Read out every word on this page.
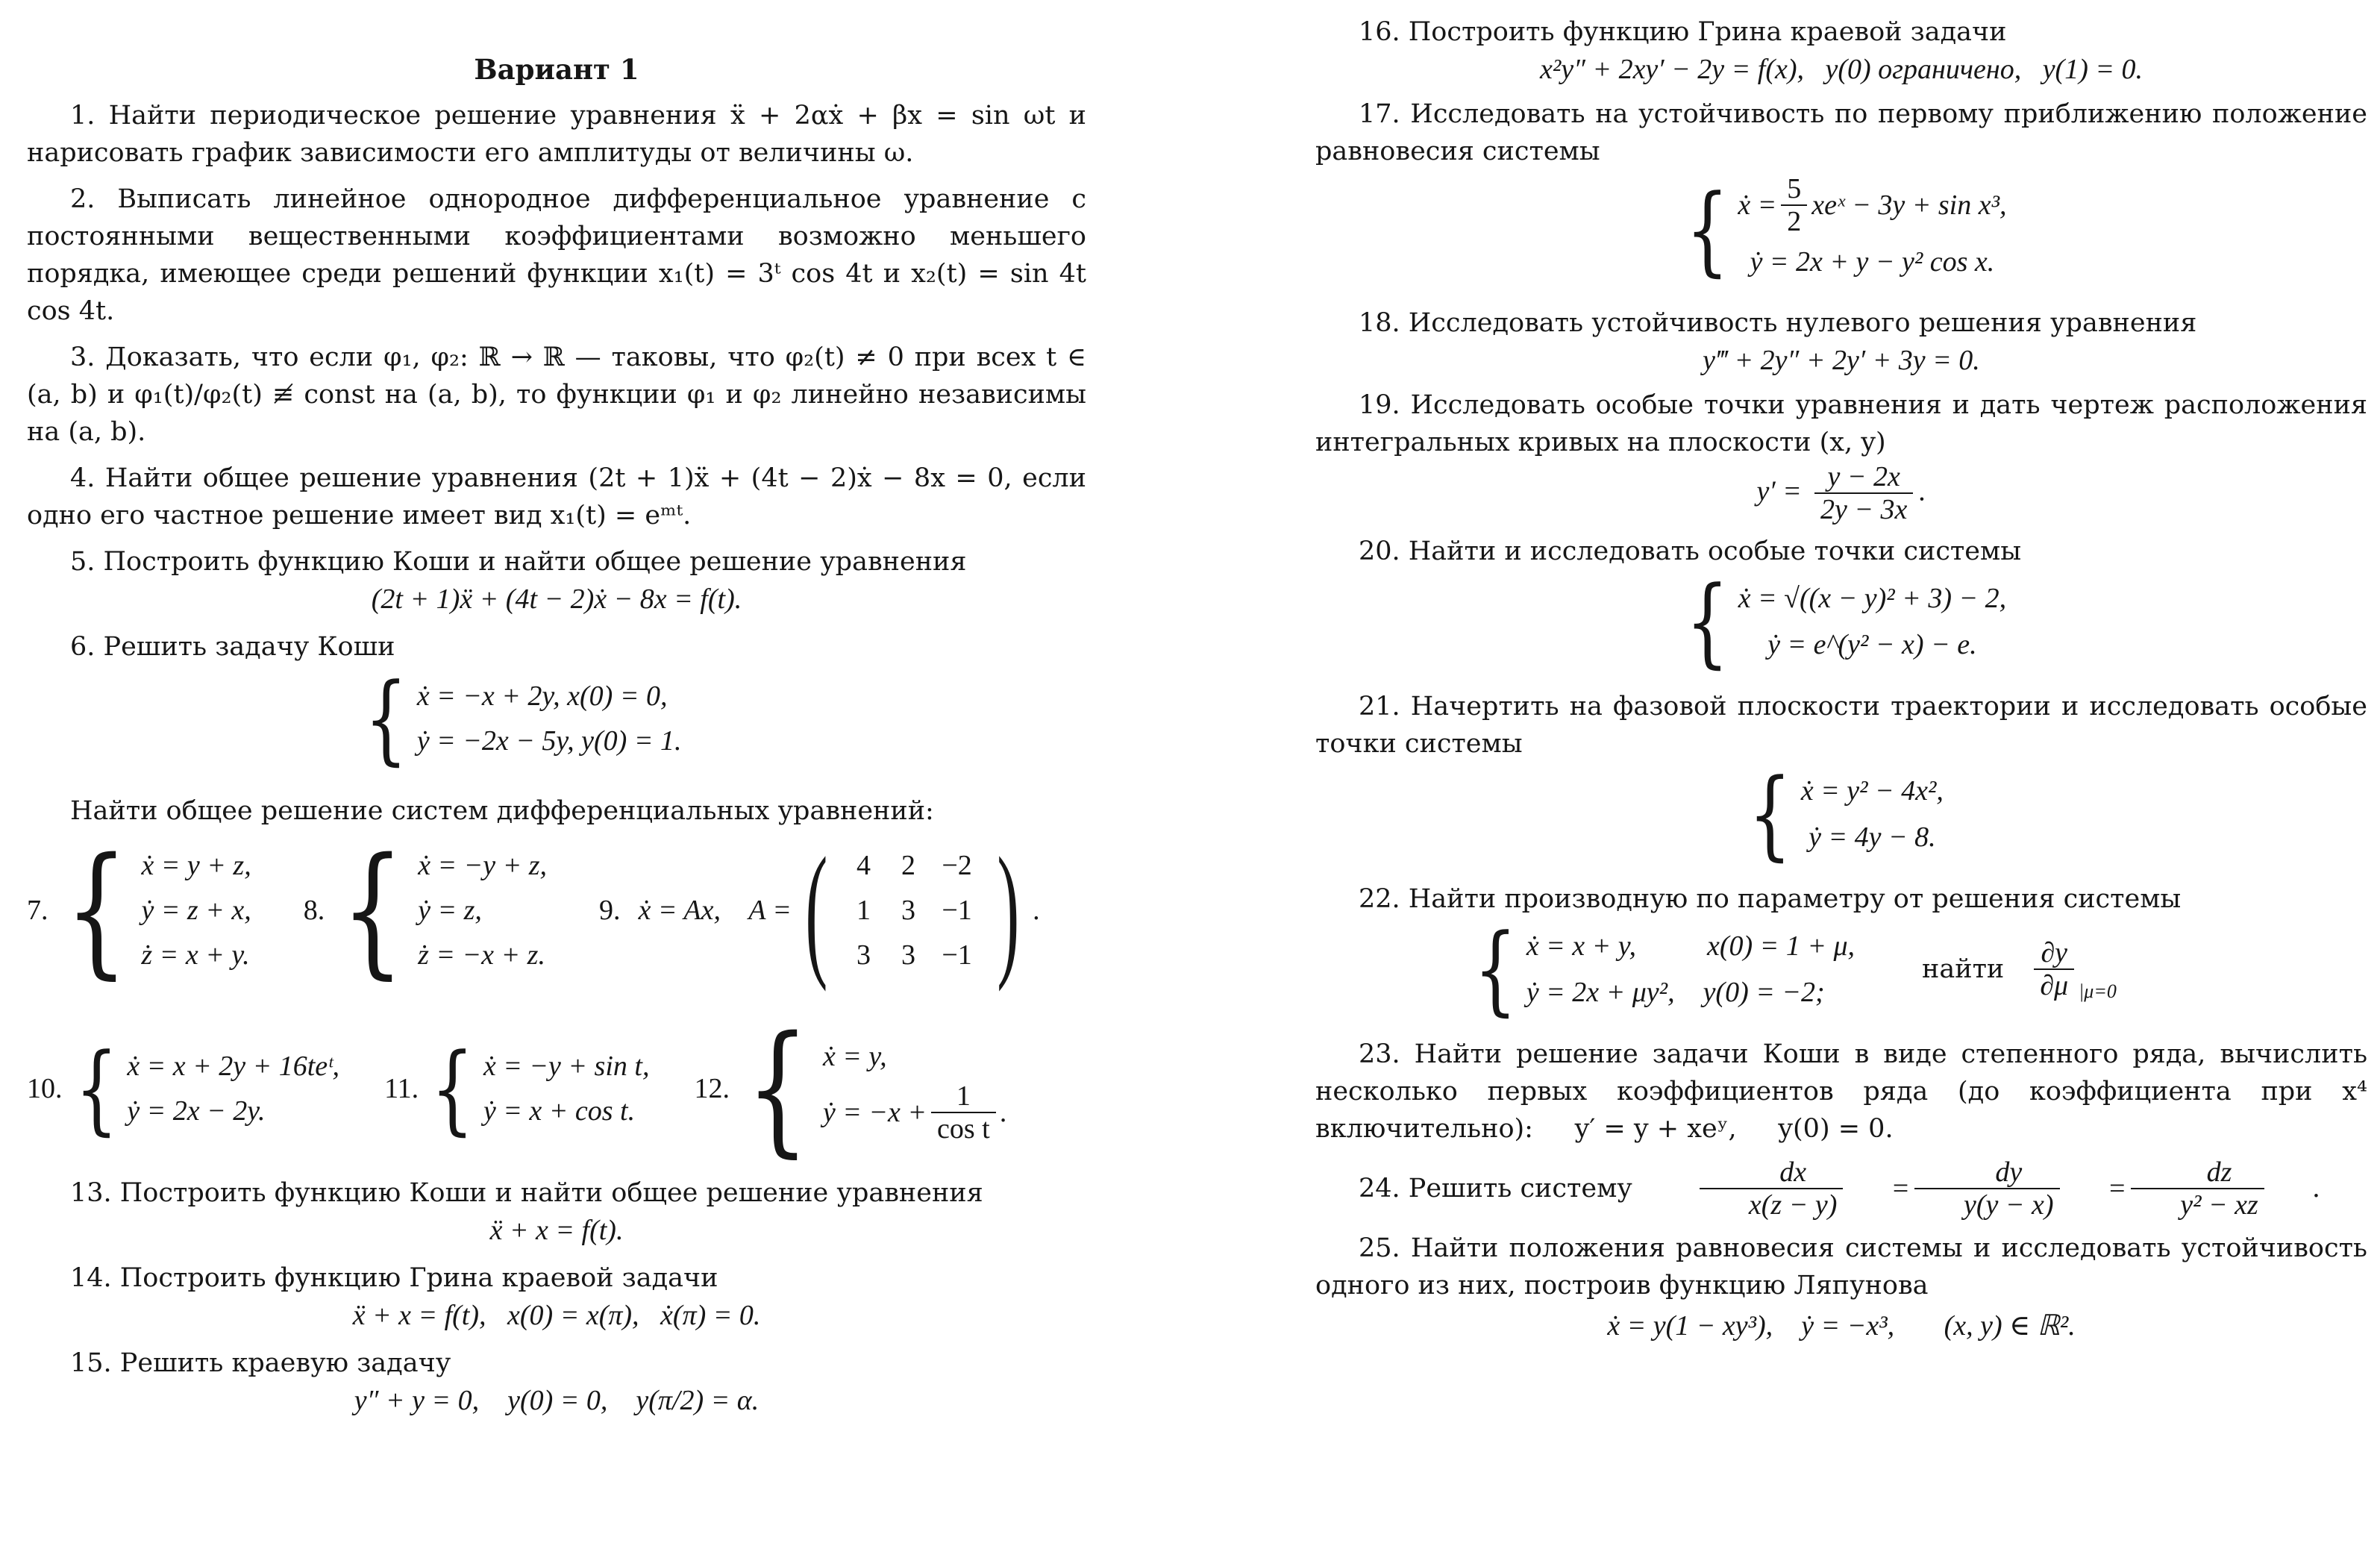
Вариант 1
1. Найти периодическое решение уравнения ẍ + 2αẋ + βx = sin ωt и нарисовать график зависимости его амплитуды от величины ω.
2. Выписать линейное однородное дифференциальное уравнение с постоянными вещественными коэффициентами возможно меньшего порядка, имеющее среди решений функции x₁(t) = 3ᵗ cos 4t и x₂(t) = sin 4t cos 4t.
3. Доказать, что если φ₁, φ₂: ℝ → ℝ — таковы, что φ₂(t) ≠ 0 при всех t ∈ (a, b) и φ₁(t)/φ₂(t) ≢ const на (a, b), то функции φ₁ и φ₂ линейно независимы на (a, b).
4. Найти общее решение уравнения (2t + 1)ẍ + (4t − 2)ẋ − 8x = 0, если одно его частное решение имеет вид x₁(t) = eᵐᵗ.
5. Построить функцию Коши и найти общее решение уравнения
(2t + 1)ẍ + (4t − 2)ẋ − 8x = f(t).
6. Решить задачу Коши
{ ẋ = −x + 2y, x(0) = 0,
ẏ = −2x − 5y, y(0) = 1.
Найти общее решение систем дифференциальных уравнений:
7. { ẋ = y + z,
ẏ = z + x,
ż = x + y.
8. { ẋ = −y + z,
ẏ = z,
ż = −x + z.
9. ẋ = Ax,    A = (	4	2 −2
1	3 −1
3	3 −1 ) .
10. { ẋ = x + 2y + 16teᵗ,
ẏ = 2x − 2y.
11. { ẋ = −y + sin t,
ẏ = x + cos t.
12. { ẋ = y,
ẏ = $-x + \frac{1}{\text{cos t}}$ .
13. Построить функцию Коши и найти общее решение уравнения
ẍ + x = f(t).
14. Построить функцию Грина краевой задачи
ẍ + x = f(t),   x(0) = x(π),   ẋ(π) = 0.
15. Решить краевую задачу
y″ + y = 0,    y(0) = 0,    y(π/2) = α.
16. Построить функцию Грина краевой задачи
x²y″ + 2xy′ − 2y = f(x),   y(0) ограничено,   y(1) = 0.
17. Исследовать на устойчивость по первому приближению положение равновесия системы
{ ẋ = $\frac{5}{2}$ xeˣ − 3y + sin x³,
ẏ = 2x + y − y² cos x.
18. Исследовать устойчивость нулевого решения уравнения
y‴ + 2y″ + 2y′ + 3y = 0.
19. Исследовать особые точки уравнения и дать чертеж расположения интегральных кривых на плоскости (x, y)
$y' = \frac{y - 2x}{2y - 3x}$ .
20. Найти и исследовать особые точки системы
{ ẋ = √((x − y)² + 3) − 2,
ẏ = e^(y² − x) − e.
21. Начертить на фазовой плоскости траектории и исследовать особые точки системы
{ ẋ = y² − 4x²,
ẏ = 4y − 8.
22. Найти производную по параметру от решения системы
{ ẋ = x + y,          x(0) = 1 + μ,
ẏ = 2x + μy²,    y(0) = −2;
найти $\frac{\partial y}{\partial\mu} |\mu=0$
23. Найти решение задачи Коши в виде степенного ряда, вычислить несколько первых коэффициентов ряда (до коэффициента при x⁴ включительно):     y′ = y + xeʸ,     y(0) = 0.
24. Решить систему $\frac{dx}{x(z - y)}$	= $\frac{dy}{y(y - x)}$	= $\frac{dz}{\text{y² − xz}}$	.
25. Найти положения равновесия системы и исследовать устойчивость одного из них, построив функцию Ляпунова
ẋ = y(1 − xy³),    ẏ = −x³,       (x, y) ∈ ℝ².
